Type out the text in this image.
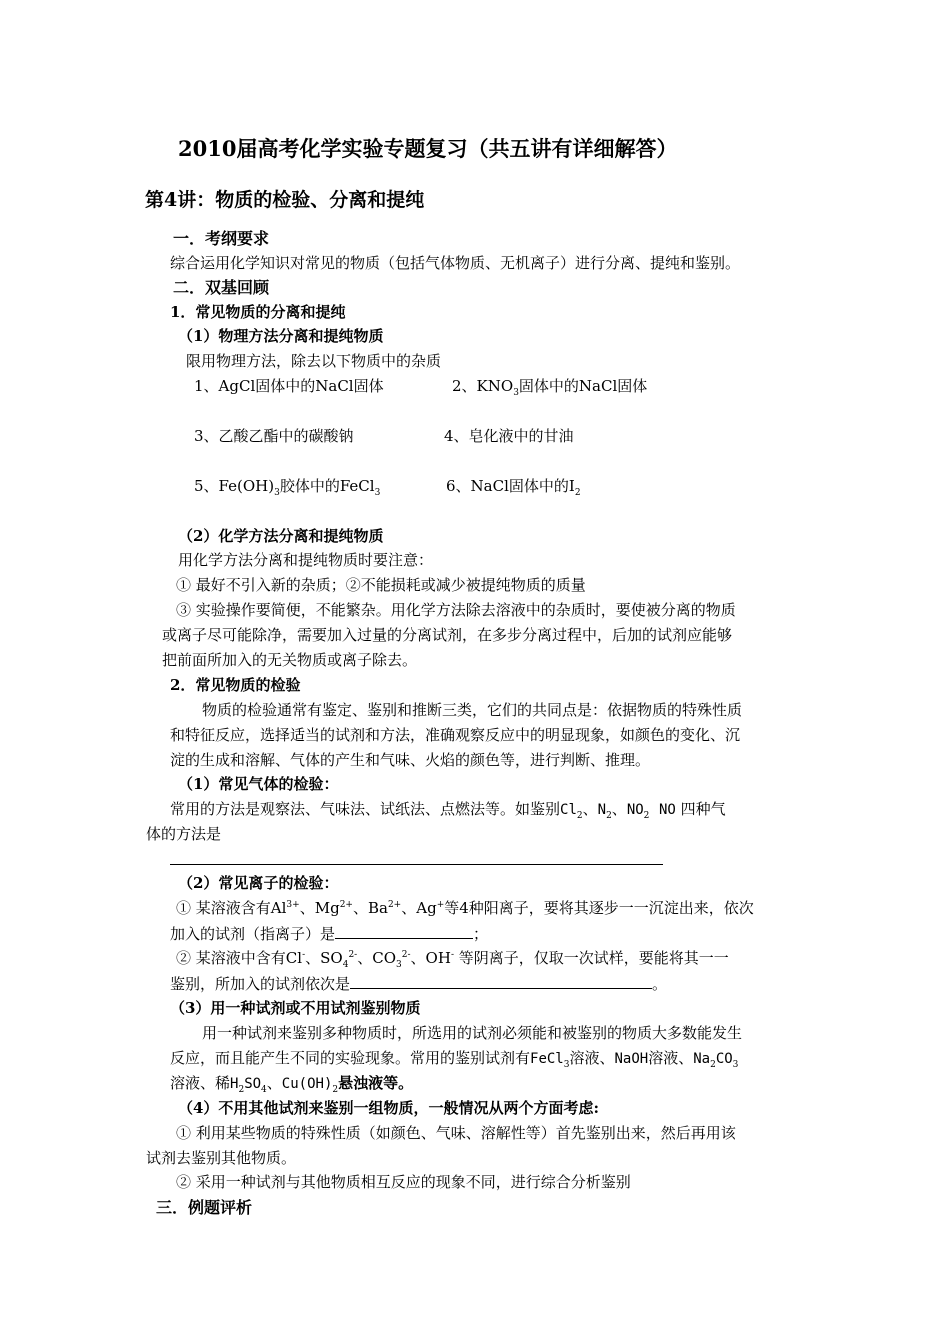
2010届高考化学实验专题复习（共五讲有详细解答）
第4讲：物质的检验、分离和提纯
一．考纲要求
综合运用化学知识对常见的物质（包括气体物质、无机离子）进行分离、提纯和鉴别。
二．双基回顾
1．常见物质的分离和提纯
（1）物理方法分离和提纯物质
限用物理方法，除去以下物质中的杂质
1、AgCl固体中的NaCl固体	2、$KNO_3$固体中的NaCl固体
3、乙酸乙酯中的碳酸钠	4、皂化液中的甘油
5、$Fe(OH)_3$胶体中的FeCl$_3$	6、NaCl固体中的$I_2$
（2）化学方法分离和提纯物质
用化学方法分离和提纯物质时要注意：
① 最好不引入新的杂质；②不能损耗或减少被提纯物质的质量
③ 实验操作要简便，不能繁杂。用化学方法除去溶液中的杂质时，要使被分离的物质
或离子尽可能除净，需要加入过量的分离试剂，在多步分离过程中，后加的试剂应能够
把前面所加入的无关物质或离子除去。
2．常见物质的检验
物质的检验通常有鉴定、鉴别和推断三类，它们的共同点是：依据物质的特殊性质
和特征反应，选择适当的试剂和方法，准确观察反应中的明显现象，如颜色的变化、沉
淀的生成和溶解、气体的产生和气味、火焰的颜色等，进行判断、推理。
（1）常见气体的检验：
常用的方法是观察法、气味法、试纸法、点燃法等。如鉴别$Cl_2$、$N_2$、$NO_2$ NO 四种气
体的方法是
（2）常见离子的检验：
① 某溶液含有$Al^{3+}$、$Mg^{2+}$、$Ba^{2+}$、Ag+等4种阳离子，要将其逐步一一沉淀出来，依次
加入的试剂（指离子）是	；
② 某溶液中含有Cl-、$SO_4^{2-}$、$CO_3^{2-}$、OH- 等阴离子，仅取一次试样，要能将其一一
鉴别，所加入的试剂依次是	。
（3）用一种试剂或不用试剂鉴别物质
用一种试剂来鉴别多种物质时，所选用的试剂必须能和被鉴别的物质大多数能发生
反应，而且能产生不同的实验现象。常用的鉴别试剂有FeCl$_3$溶液、NaOH溶液、$Na_2CO_3$
溶液、稀$H_2SO_4$、$Cu(OH)_2$悬浊液等。
（4）不用其他试剂来鉴别一组物质，一般情况从两个方面考虑:
① 利用某些物质的特殊性质（如颜色、气味、溶解性等）首先鉴别出来，然后再用该
试剂去鉴别其他物质。
② 采用一种试剂与其他物质相互反应的现象不同，进行综合分析鉴别
三．例题评析
